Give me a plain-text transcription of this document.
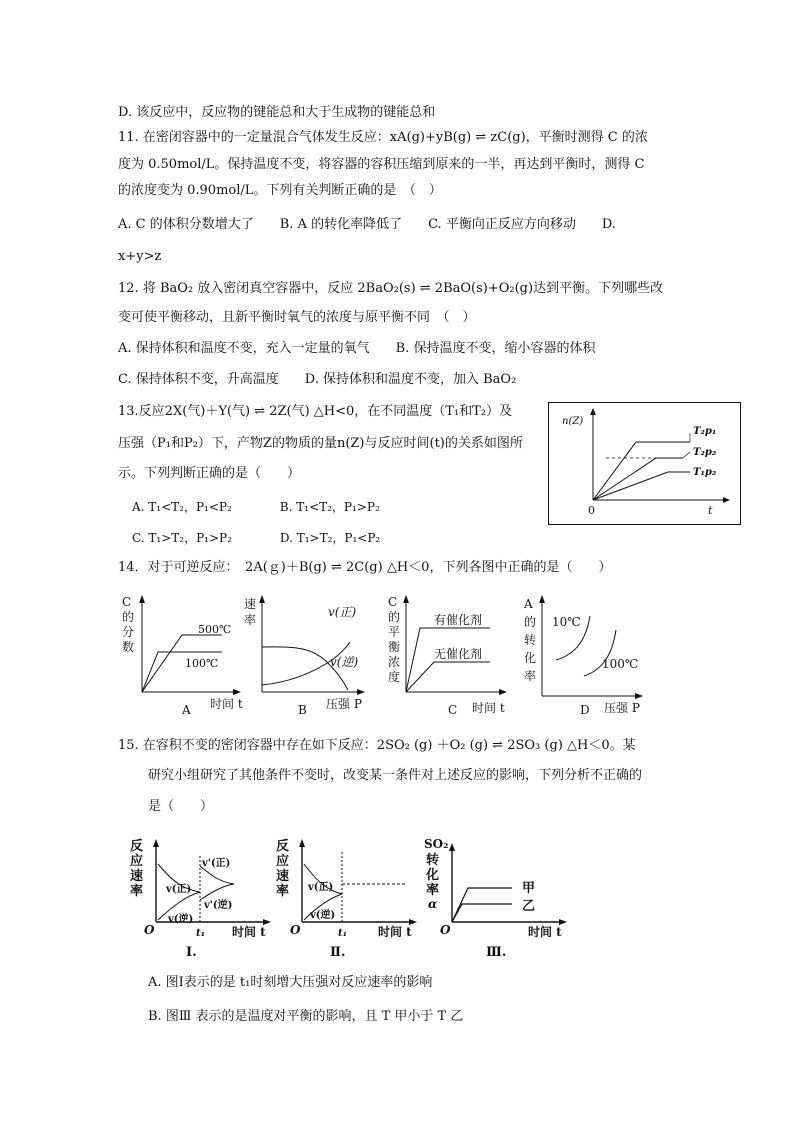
D. 该反应中，反应物的键能总和大于生成物的键能总和
11. 在密闭容器中的一定量混合气体发生反应：xA(g)+yB(g) ⇌ zC(g)，平衡时测得 C 的浓
度为 0.50mol/L。保持温度不变，将容器的容积压缩到原来的一半，再达到平衡时，测得 C
的浓度变为 0.90mol/L。下列有关判断正确的是　（　）
A. C 的体积分数增大了　　B. A 的转化率降低了　　C. 平衡向正反应方向移动　　D.
x+y>z
12. 将 BaO₂ 放入密闭真空容器中，反应 2BaO₂(s) ⇌ 2BaO(s)+O₂(g)达到平衡。下列哪些改
变可使平衡移动，且新平衡时氧气的浓度与原平衡不同　（　）
A. 保持体积和温度不变，充入一定量的氧气　　B. 保持温度不变，缩小容器的体积
C. 保持体积不变，升高温度　　D. 保持体积和温度不变，加入 BaO₂
13.反应2X(气)＋Y(气) ⇌ 2Z(气) △H<0，在不同温度（T₁和T₂）及
压强（P₁和P₂）下，产物Z的物质的量n(Z)与反应时间(t)的关系如图所
示。下列判断正确的是（　　）
A. T₁<T₂，P₁<P₂　　　　B. T₁<T₂，P₁>P₂
C. T₁>T₂，P₁>P₂　　　　D. T₁>T₂，P₁<P₂
14．对于可逆反应：　2A(ｇ)＋B(g) ⇌ 2C(g) △H＜0，下列各图中正确的是（　　）
15. 在容积不变的密闭容器中存在如下反应：2SO₂ (g) ＋O₂ (g) ⇌ 2SO₃ (g) △H＜0。某
研究小组研究了其他条件不变时，改变某一条件对上述反应的影响，下列分析不正确的
是（　　）
A. 图Ⅰ表示的是 t₁时刻增大压强对反应速率的影响
B. 图Ⅲ 表示的是温度对平衡的影响，且 T 甲小于 T 乙
n(Z)
0	t
T₂p₁
T₂p₂
T₁p₂
C
的
分
数
500℃
100℃
时间 t
A
速
率
v(正)
v(逆)
压强 P
B
C
的
平
衡
浓
度
有催化剂
无催化剂
时间 t
C
A
的
转
化
率
10℃
100℃
压强 P
D
反
应
速
率
v'(正)
v(正)
v'(逆)
v(逆)
O	t₁ 时间 t
Ⅰ.
反
应
速
率 v(正)
v(逆)
O	t₁	时间 t
Ⅱ.
SO₂
转
化
率
α
甲
乙
O	时间 t
Ⅲ.
